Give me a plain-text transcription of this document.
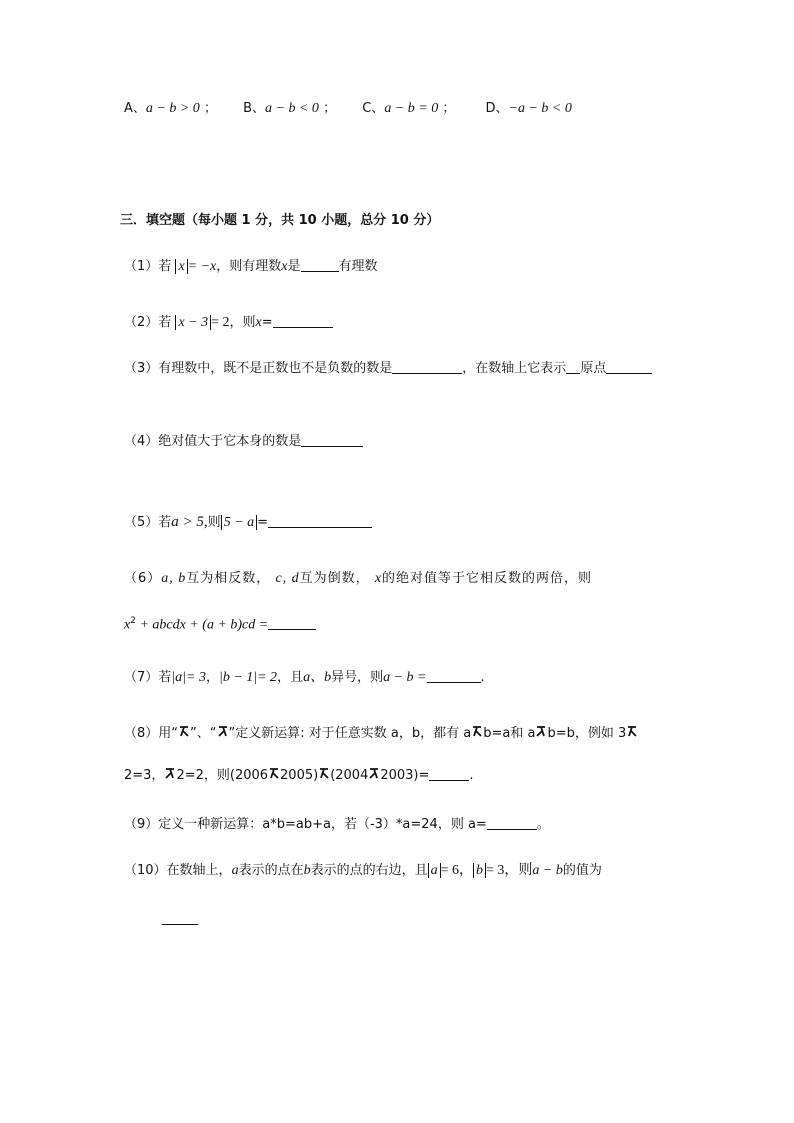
A、a − b > 0 ； B、a − b < 0 ； C、a − b = 0 ； D、−a − b < 0
三．填空题（每小题 1 分，共 10 小题，总分 10 分）
（1）若 x = −x，则有理数x是	有理数
（2）若 x − 3 = 2，则x=
（3）有理数中，既不是正数也不是负数的数是	，在数轴上它表示 原点
（4）绝对值大于它本身的数是
（5）若a > 5,则 5 − a =
（6）a, b互为相反数， c, d互为倒数， x的绝对值等于它相反数的两倍，则
$x^2$ + abcdx + (a + b)cd =
（7）若|a|= 3，|b − 1|= 2，且a、b异号，则a − b =	.
（8）用“ ”、“ ”定义新运算: 对于任意实数 a，b，都有 a b=a和 a b=b，例如 3
2=3， 2=2，则(2006 2005) (2004 2003)=	.
（9）定义一种新运算：a*b=ab+a，若（-3）*a=24，则 a=	。
（10）在数轴上，a表示的点在b表示的点的右边，且 a = 6， b = 3，则a − b的值为
